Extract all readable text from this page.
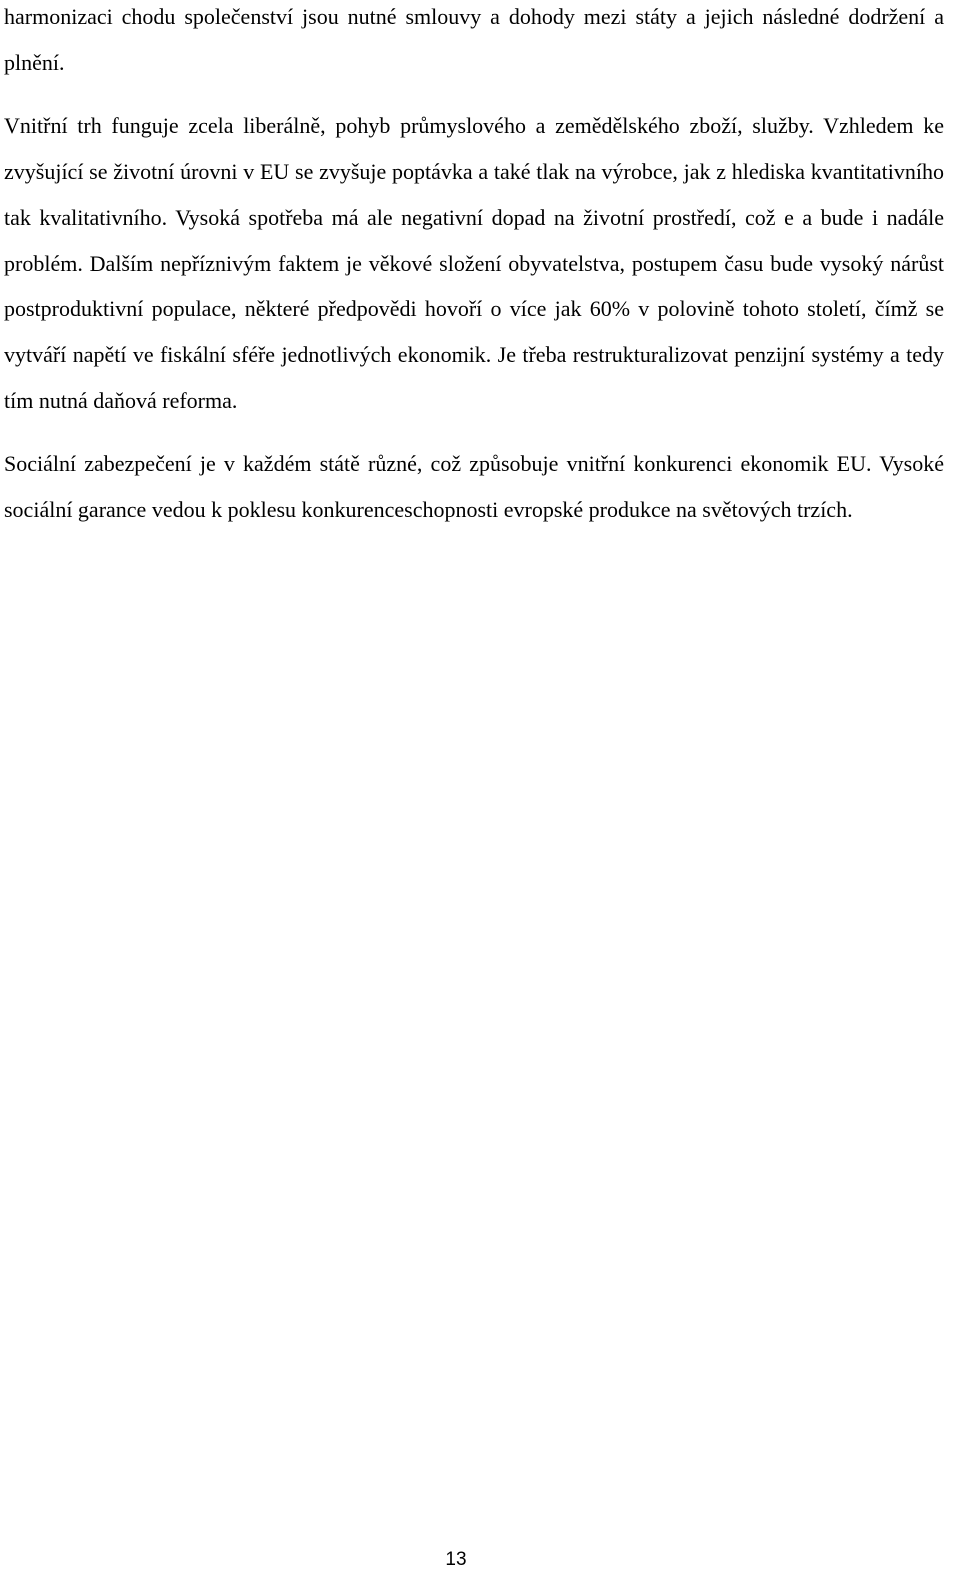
harmonizaci chodu společenství jsou nutné smlouvy a dohody mezi státy a jejich následné dodržení a plnění.

Vnitřní trh funguje zcela liberálně, pohyb průmyslového a zemědělského zboží, služby. Vzhledem ke zvyšující se životní úrovni v EU se zvyšuje poptávka a také tlak na výrobce, jak z hlediska kvantitativního tak kvalitativního. Vysoká spotřeba má ale negativní dopad na životní prostředí, což e a bude i nadále problém. Dalším nepříznivým faktem je věkové složení obyvatelstva, postupem času bude vysoký nárůst postproduktivní populace, některé předpovědi hovoří o více jak 60% v polovině tohoto století, čímž se vytváří napětí ve fiskální sféře jednotlivých ekonomik. Je třeba restrukturalizovat penzijní systémy a tedy tím nutná daňová reforma.

Sociální zabezpečení je v každém státě různé, což způsobuje vnitřní konkurenci ekonomik EU. Vysoké sociální garance vedou k poklesu konkurenceschopnosti evropské produkce na světových trzích.

13
